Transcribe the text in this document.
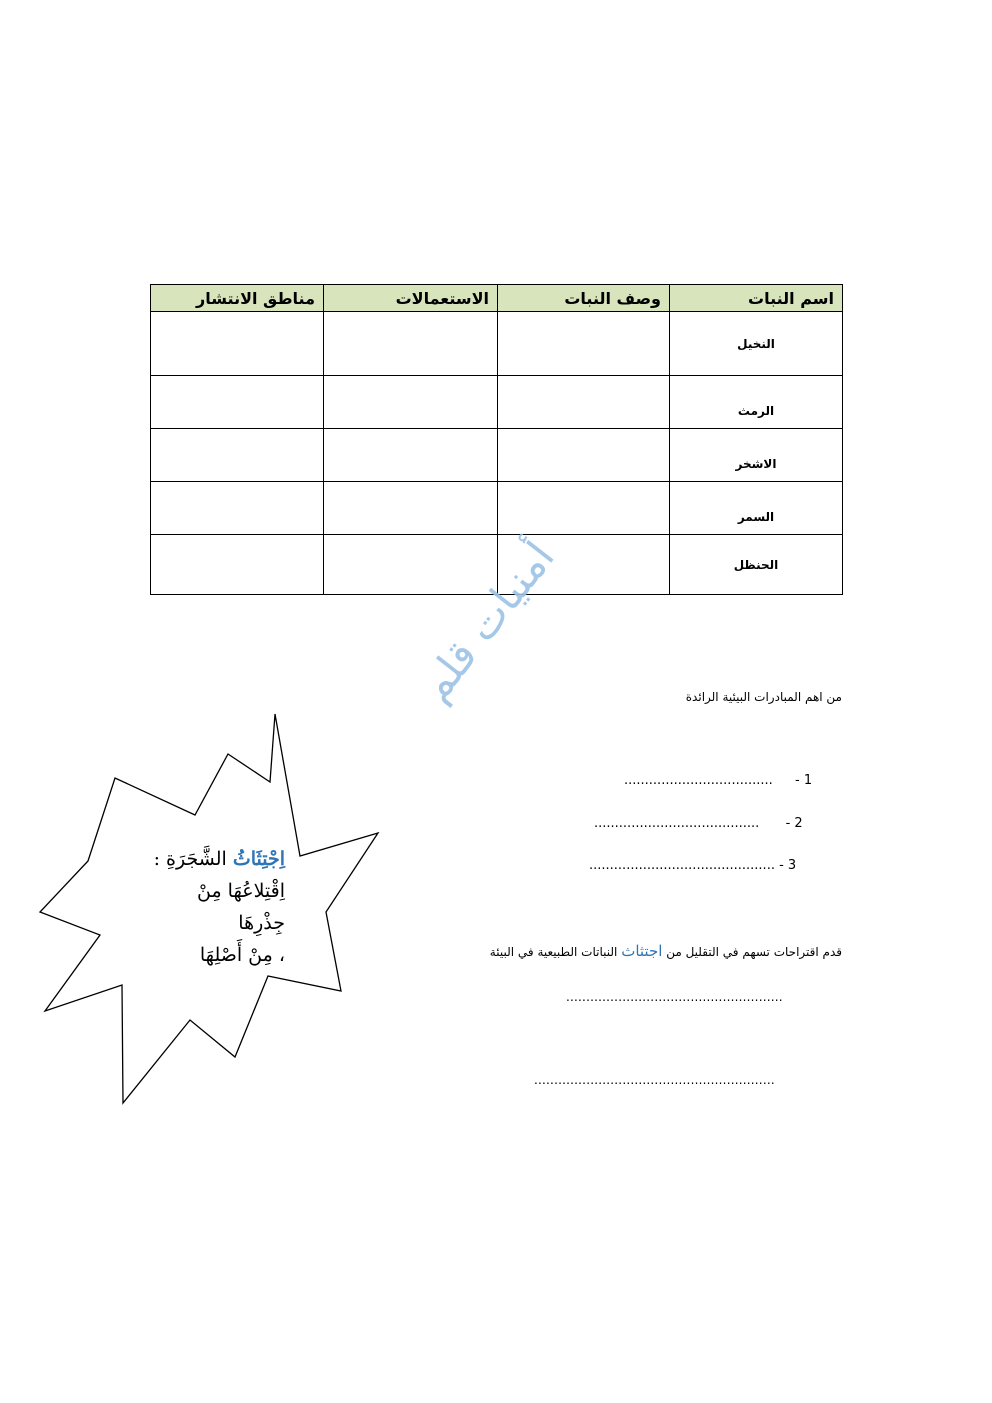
اسم النبات	وصف النبات	الاستعمالات	مناطق الانتشار
النخيل			
الرمث			
الاشخر			
السمر			
الحنظل			
أمنيات قلم	من اهم المبادرات البيئية الرائدة
.................................... 1 -
........................................ 2 -
............................................. 3 -
قدم اقتراحات تسهم في التقليل من اجتثاث النباتات الطبيعية في البيئة
......................................................
............................................................
اِجْتِثَاثُ الشَّجَرَةِ :
اِقْتِلاعُهَا مِنْ جِذْرِهَا
، مِنْ أَصْلِهَا
